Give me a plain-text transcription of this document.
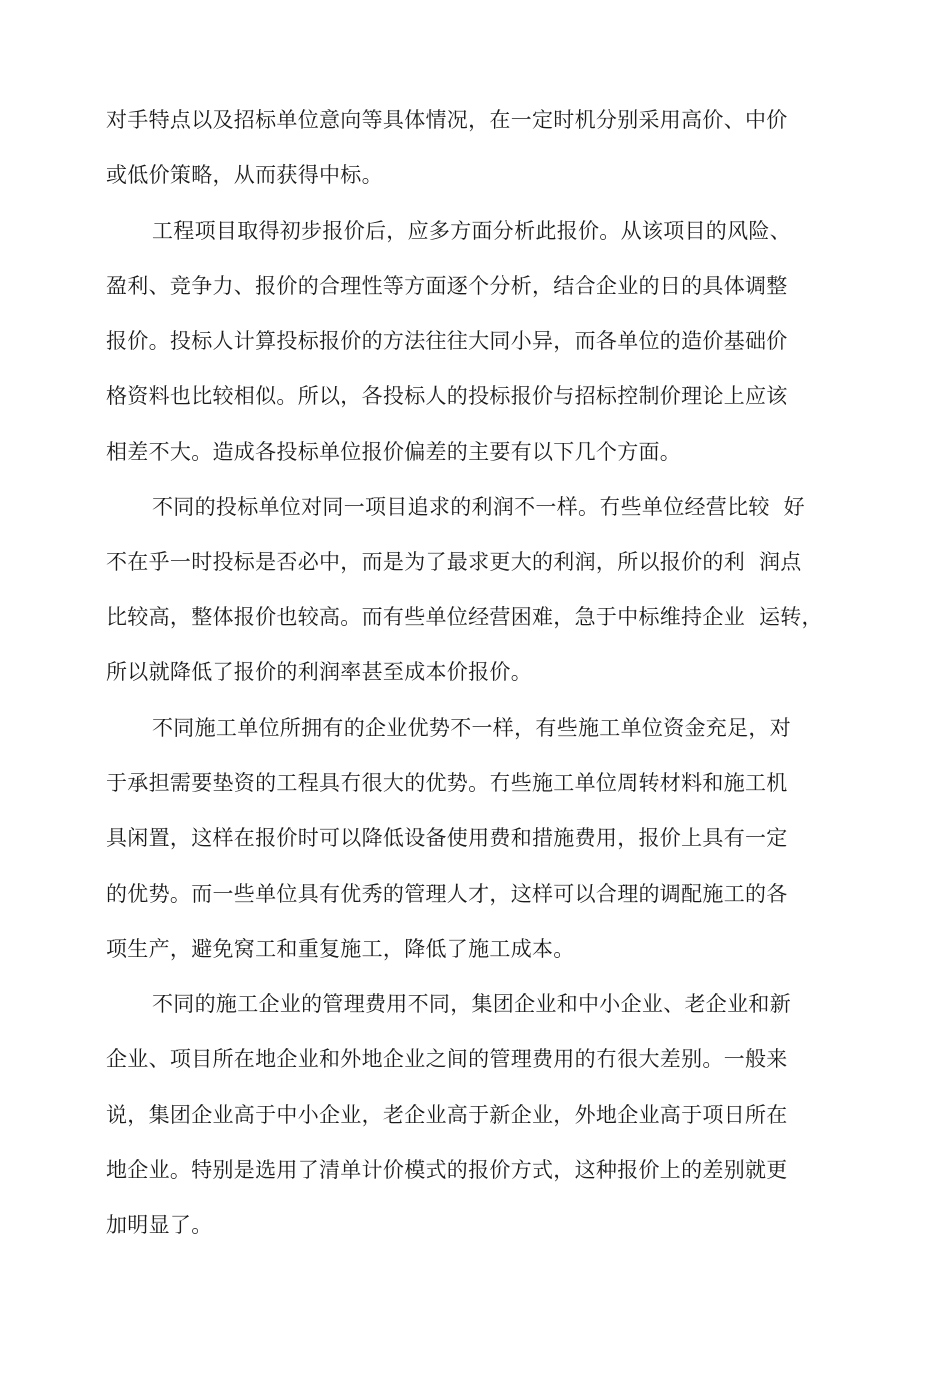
对手特点以及招标单位意向等具体情况，在一定时机分别采用高价、中价
或低价策略，从而获得中标。
工程项目取得初步报价后，应多方面分析此报价。从该项目的风险、
盈利、竞争力、报价的合理性等方面逐个分析，结合企业的日的具体调整
报价。投标人计算投标报价的方法往往大同小异，而各单位的造价基础价
格资料也比较相似。所以，各投标人的投标报价与招标控制价理论上应该
相差不大。造成各投标单位报价偏差的主要有以下几个方面。
不同的投标单位对同一项目追求的利润不一样。冇些单位经营比较  好
不在乎一时投标是否必中，而是为了最求更大的利润，所以报价的利  润点
比较高，整体报价也较高。而有些单位经营困难，急于中标维持企业  运转，
所以就降低了报价的利润率甚至成本价报价。
不同施工单位所拥有的企业优势不一样，有些施工单位资金充足，对
于承担需要垫资的工程具冇很大的优势。冇些施工单位周转材料和施工机
具闲置，这样在报价时可以降低设备使用费和措施费用，报价上具有一定
的优势。而一些单位具有优秀的管理人才，这样可以合理的调配施工的各
项生产，避免窝工和重复施工，降低了施工成本。
不同的施工企业的管理费用不同，集团企业和中小企业、老企业和新
企业、项目所在地企业和外地企业之间的管理费用的冇很大差别。一般来
说，集团企业高于中小企业，老企业高于新企业，外地企业高于项日所在
地企业。特别是选用了清单计价模式的报价方式，这种报价上的差别就更
加明显了。
